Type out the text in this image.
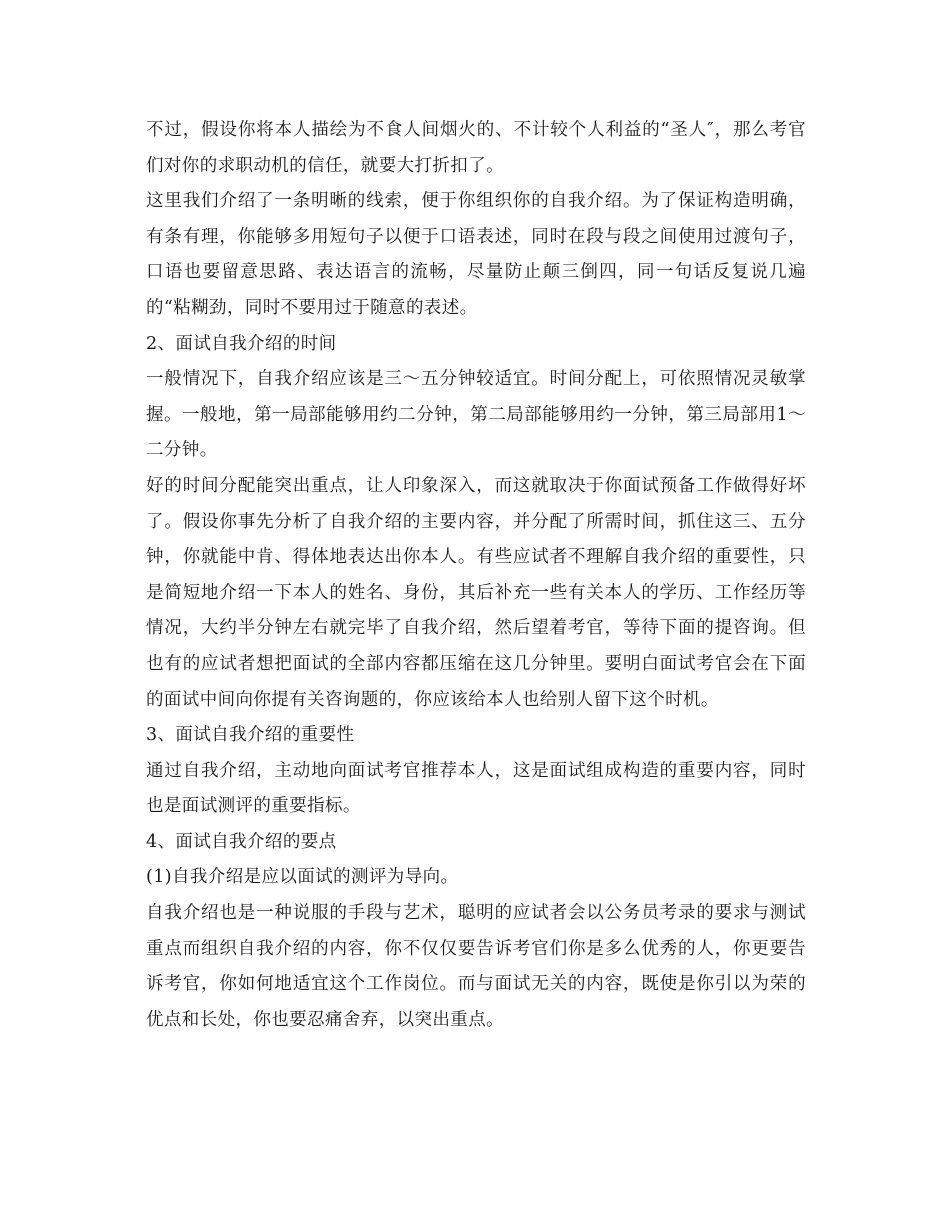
不过，假设你将本人描绘为不食人间烟火的、不计较个人利益的“圣人″，那么考官们对你的求职动机的信任，就要大打折扣了。

这里我们介绍了一条明晰的线索，便于你组织你的自我介绍。为了保证构造明确，有条有理，你能够多用短句子以便于口语表述，同时在段与段之间使用过渡句子，口语也要留意思路、表达语言的流畅，尽量防止颠三倒四，同一句话反复说几遍的“粘糊劲，同时不要用过于随意的表述。

2、面试自我介绍的时间

一般情况下，自我介绍应该是三～五分钟较适宜。时间分配上，可依照情况灵敏掌握。一般地，第一局部能够用约二分钟，第二局部能够用约一分钟，第三局部用1～二分钟。

好的时间分配能突出重点，让人印象深入，而这就取决于你面试预备工作做得好坏了。假设你事先分析了自我介绍的主要内容，并分配了所需时间，抓住这三、五分钟，你就能中肯、得体地表达出你本人。有些应试者不理解自我介绍的重要性，只是简短地介绍一下本人的姓名、身份，其后补充一些有关本人的学历、工作经历等情况，大约半分钟左右就完毕了自我介绍，然后望着考官，等待下面的提咨询。但也有的应试者想把面试的全部内容都压缩在这几分钟里。要明白面试考官会在下面的面试中间向你提有关咨询题的，你应该给本人也给别人留下这个时机。

3、面试自我介绍的重要性

通过自我介绍，主动地向面试考官推荐本人，这是面试组成构造的重要内容，同时也是面试测评的重要指标。

4、面试自我介绍的要点

(1)自我介绍是应以面试的测评为导向。

自我介绍也是一种说服的手段与艺术，聪明的应试者会以公务员考录的要求与测试重点而组织自我介绍的内容，你不仅仅要告诉考官们你是多么优秀的人，你更要告诉考官，你如何地适宜这个工作岗位。而与面试无关的内容，既使是你引以为荣的优点和长处，你也要忍痛舍弃，以突出重点。
